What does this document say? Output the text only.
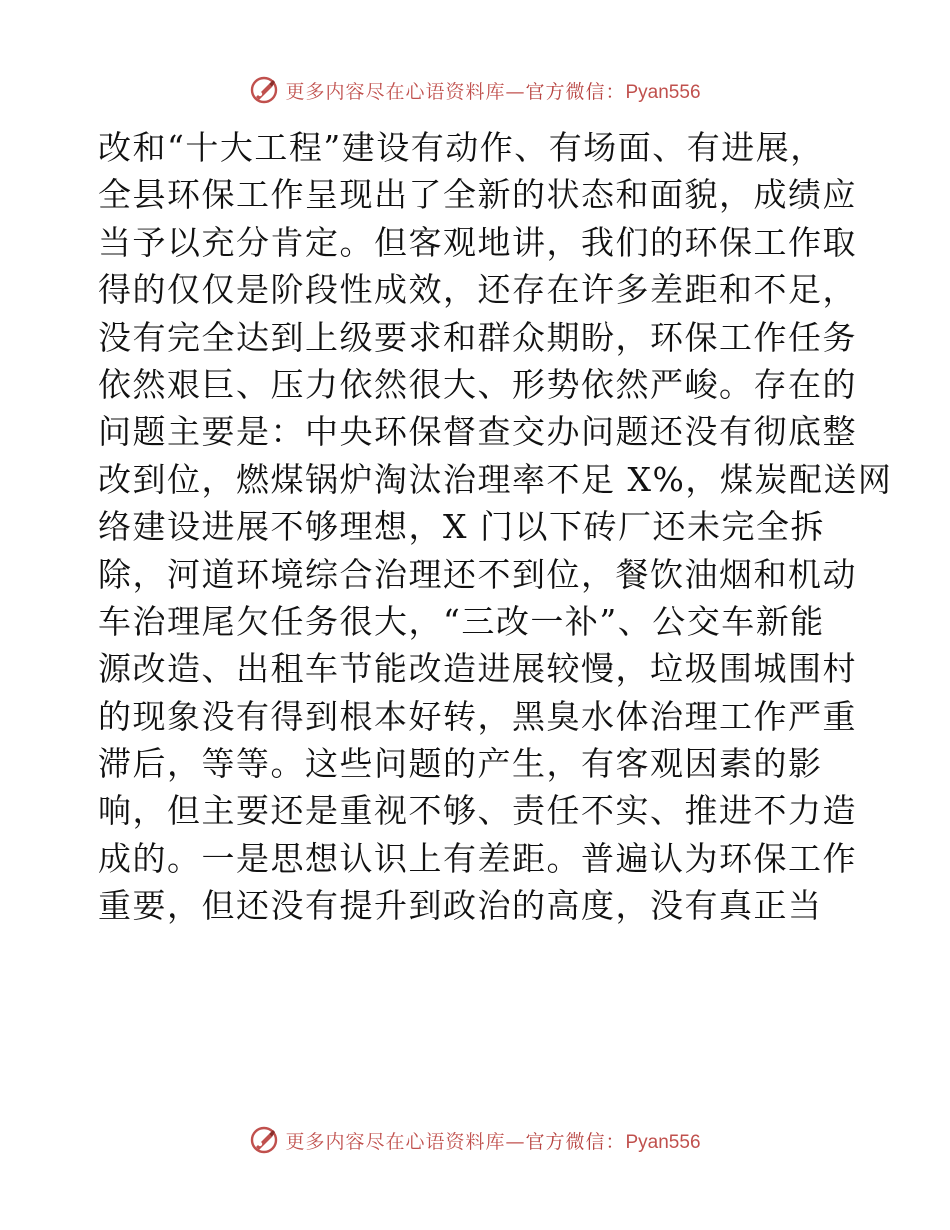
更多内容尽在心语资料库—官方微信：Pyan556
改和“十大工程”建设有动作、有场面、有进展，
全县环保工作呈现出了全新的状态和面貌，成绩应
当予以充分肯定。但客观地讲，我们的环保工作取
得的仅仅是阶段性成效，还存在许多差距和不足，
没有完全达到上级要求和群众期盼，环保工作任务
依然艰巨、压力依然很大、形势依然严峻。存在的
问题主要是：中央环保督查交办问题还没有彻底整
改到位，燃煤锅炉淘汰治理率不足 X%，煤炭配送网
络建设进展不够理想，X 门以下砖厂还未完全拆
除，河道环境综合治理还不到位，餐饮油烟和机动
车治理尾欠任务很大，“三改一补”、公交车新能
源改造、出租车节能改造进展较慢，垃圾围城围村
的现象没有得到根本好转，黑臭水体治理工作严重
滞后，等等。这些问题的产生，有客观因素的影
响，但主要还是重视不够、责任不实、推进不力造
成的。一是思想认识上有差距。普遍认为环保工作
重要，但还没有提升到政治的高度，没有真正当
更多内容尽在心语资料库—官方微信：Pyan556
